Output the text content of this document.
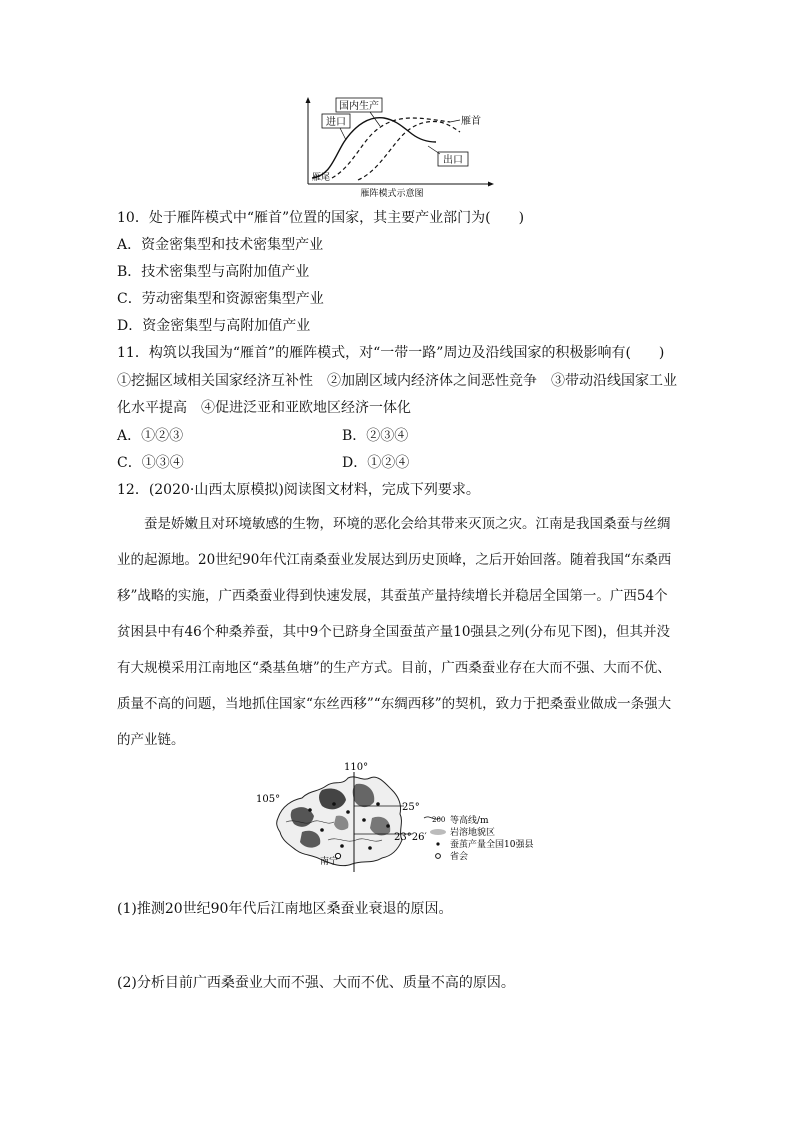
国内生产
进口	雁首
出口
雁尾
雁阵模式示意图
10．处于雁阵模式中“雁首”位置的国家，其主要产业部门为(　　)
A．资金密集型和技术密集型产业
B．技术密集型与高附加值产业
C．劳动密集型和资源密集型产业
D．资金密集型与高附加值产业
11．构筑以我国为“雁首”的雁阵模式，对“一带一路”周边及沿线国家的积极影响有(　　)
①挖掘区域相关国家经济互补性　②加剧区域内经济体之间恶性竞争　③带动沿线国家工业
化水平提高　④促进泛亚和亚欧地区经济一体化
A．①②③	B．②③④
C．①③④	D．①②④
12．(2020·山西太原模拟)阅读图文材料，完成下列要求。

蚕是娇嫩且对环境敏感的生物，环境的恶化会给其带来灭顶之灾。江南是我国桑蚕与丝绸业的起源地。20世纪90年代江南桑蚕业发展达到历史顶峰，之后开始回落。随着我国“东桑西移”战略的实施，广西桑蚕业得到快速发展，其蚕茧产量持续增长并稳居全国第一。广西54个贫困县中有46个种桑养蚕，其中9个已跻身全国蚕茧产量10强县之列(分布见下图)，但其并没有大规模采用江南地区“桑基鱼塘”的生产方式。目前，广西桑蚕业存在大而不强、大而不优、质量不高的问题，当地抓住国家“东丝西移”“东绸西移”的契机，致力于把桑蚕业做成一条强大的产业链。

110°
105°
25°
23°26′
南宁
200 等高线/m
岩溶地貌区
蚕茧产量全国10强县
省会
(1)推测20世纪90年代后江南地区桑蚕业衰退的原因。
(2)分析目前广西桑蚕业大而不强、大而不优、质量不高的原因。
